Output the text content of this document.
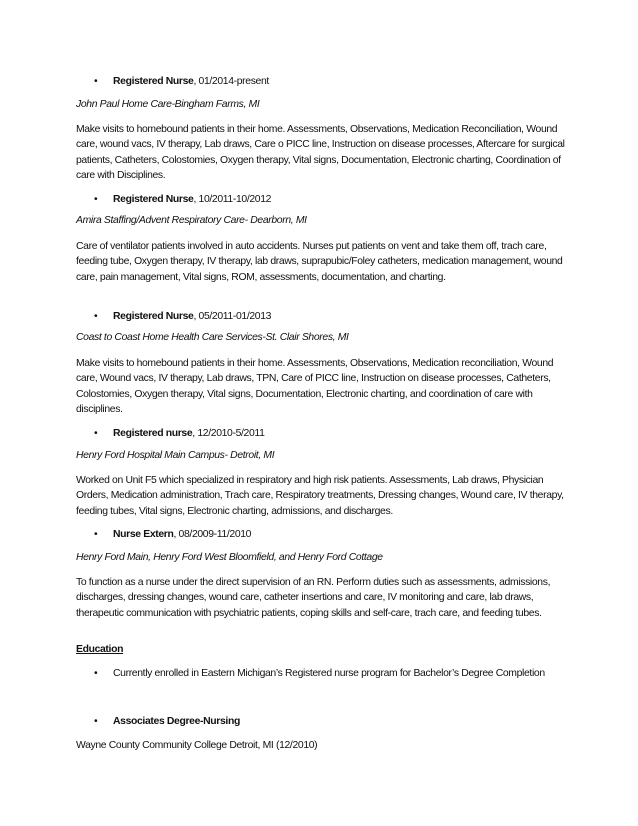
• Registered Nurse, 01/2014-present
John Paul Home Care-Bingham Farms, MI
Make visits to homebound patients in their home. Assessments, Observations, Medication Reconciliation, Wound care, wound vacs, IV therapy, Lab draws, Care o PICC line, Instruction on disease processes, Aftercare for surgical patients, Catheters, Colostomies, Oxygen therapy, Vital signs, Documentation, Electronic charting, Coordination of care with Disciplines.
• Registered Nurse, 10/2011-10/2012
Amira Staffing/Advent Respiratory Care- Dearborn, MI
Care of ventilator patients involved in auto accidents. Nurses put patients on vent and take them off, trach care, feeding tube, Oxygen therapy, IV therapy, lab draws, suprapubic/Foley catheters, medication management, wound care, pain management, Vital signs, ROM, assessments, documentation, and charting.
• Registered Nurse, 05/2011-01/2013
Coast to Coast Home Health Care Services-St. Clair Shores, MI
Make visits to homebound patients in their home. Assessments, Observations, Medication reconciliation, Wound care, Wound vacs, IV therapy, Lab draws, TPN, Care of PICC line, Instruction on disease processes, Catheters, Colostomies, Oxygen therapy, Vital signs, Documentation, Electronic charting, and coordination of care with disciplines.
• Registered nurse, 12/2010-5/2011
Henry Ford Hospital Main Campus- Detroit, MI
Worked on Unit F5 which specialized in respiratory and high risk patients. Assessments, Lab draws, Physician Orders, Medication administration, Trach care, Respiratory treatments, Dressing changes, Wound care, IV therapy, feeding tubes, Vital signs, Electronic charting, admissions, and discharges.
• Nurse Extern, 08/2009-11/2010
Henry Ford Main, Henry Ford West Bloomfield, and Henry Ford Cottage
To function as a nurse under the direct supervision of an RN. Perform duties such as assessments, admissions, discharges, dressing changes, wound care, catheter insertions and care, IV monitoring and care, lab draws, therapeutic communication with psychiatric patients, coping skills and self-care, trach care, and feeding tubes.
Education
• Currently enrolled in Eastern Michigan’s Registered nurse program for Bachelor’s Degree Completion
• Associates Degree-Nursing
Wayne County Community College Detroit, MI (12/2010)
